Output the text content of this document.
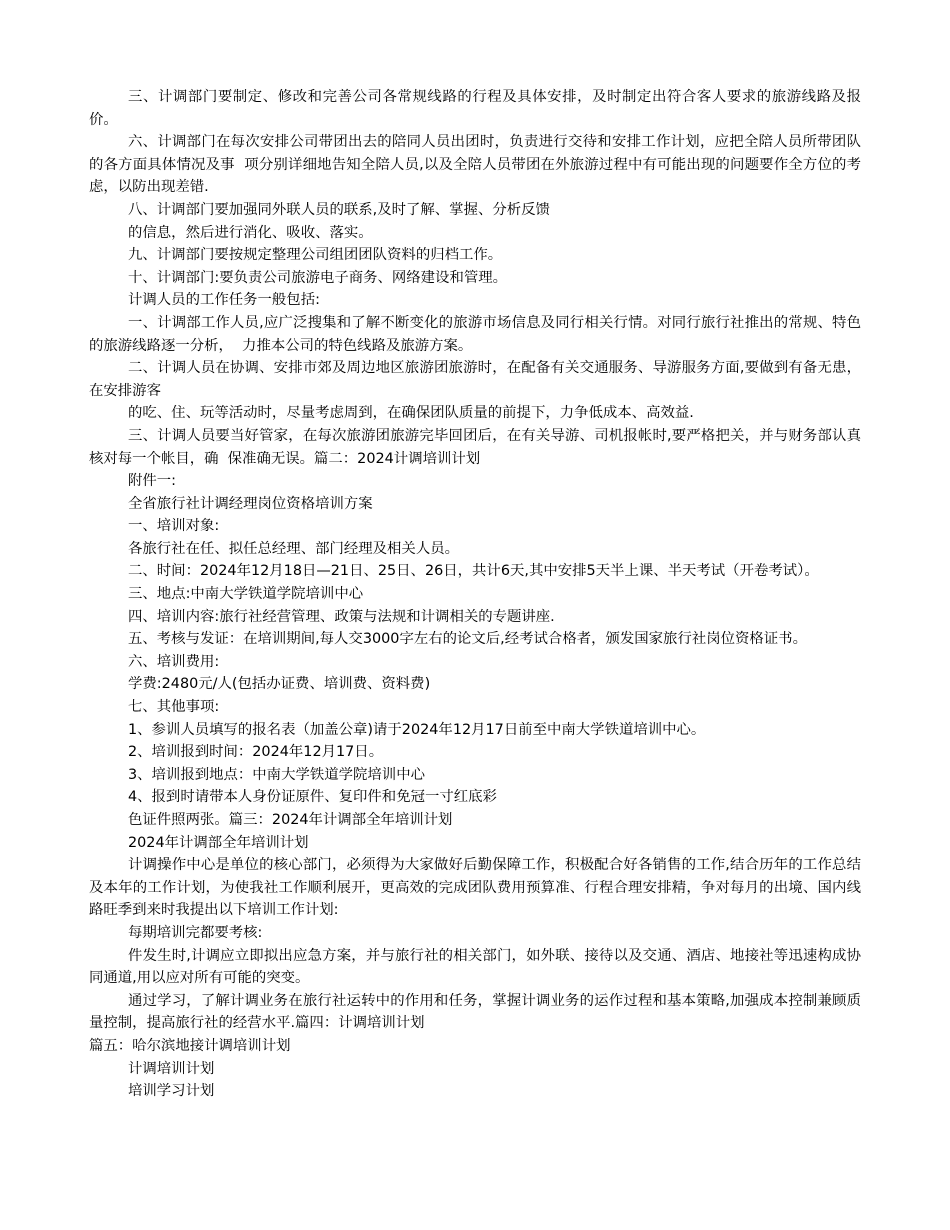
三、计调部门要制定、修改和完善公司各常规线路的行程及具体安排，及时制定出符合客人要求的旅游线路及报价。

六、计调部门在每次安排公司带团出去的陪同人员出团时，负责进行交待和安排工作计划，应把全陪人员所带团队的各方面具体情况及事  项分别详细地告知全陪人员,以及全陪人员带团在外旅游过程中有可能出现的问题要作全方位的考虑，以防出现差错.

八、计调部门要加强同外联人员的联系,及时了解、掌握、分析反馈

的信息，然后进行消化、吸收、落实。

九、计调部门要按规定整理公司组团团队资料的归档工作。

十、计调部门:要负责公司旅游电子商务、网络建设和管理。

计调人员的工作任务一般包括:

一、计调部工作人员,应广泛搜集和了解不断变化的旅游市场信息及同行相关行情。对同行旅行社推出的常规、特色的旅游线路逐一分析，  力推本公司的特色线路及旅游方案。

二、计调人员在协调、安排市郊及周边地区旅游团旅游时，在配备有关交通服务、导游服务方面,要做到有备无患，在安排游客

的吃、住、玩等活动时，尽量考虑周到，在确保团队质量的前提下，力争低成本、高效益.

三、计调人员要当好管家，在每次旅游团旅游完毕回团后，在有关导游、司机报帐时,要严格把关，并与财务部认真核对每一个帐目，确  保准确无误。篇二：2024计调培训计划

附件一:

全省旅行社计调经理岗位资格培训方案

一、培训对象:

各旅行社在任、拟任总经理、部门经理及相关人员。

二、时间：2024年12月18日—21日、25日、26日，共计6天,其中安排5天半上课、半天考试（开卷考试）。

三、地点:中南大学铁道学院培训中心

四、培训内容:旅行社经营管理、政策与法规和计调相关的专题讲座.

五、考核与发证：在培训期间,每人交3000字左右的论文后,经考试合格者，颁发国家旅行社岗位资格证书。

六、培训费用:

学费:2480元/人(包括办证费、培训费、资料费)

七、其他事项:

1、参训人员填写的报名表（加盖公章)请于2024年12月17日前至中南大学铁道培训中心。

2、培训报到时间：2024年12月17日。

3、培训报到地点：中南大学铁道学院培训中心

4、报到时请带本人身份证原件、复印件和免冠一寸红底彩

色证件照两张。篇三：2024年计调部全年培训计划

2024年计调部全年培训计划

计调操作中心是单位的核心部门，必须得为大家做好后勤保障工作，积极配合好各销售的工作,结合历年的工作总结及本年的工作计划，为使我社工作顺利展开，更高效的完成团队费用预算准、行程合理安排精，争对每月的出境、国内线路旺季到来时我提出以下培训工作计划:

每期培训完都要考核:

件发生时,计调应立即拟出应急方案，并与旅行社的相关部门，如外联、接待以及交通、酒店、地接社等迅速构成协同通道,用以应对所有可能的突变。

通过学习，了解计调业务在旅行社运转中的作用和任务，掌握计调业务的运作过程和基本策略,加强成本控制兼顾质量控制，提高旅行社的经营水平.篇四：计调培训计划

篇五：哈尔滨地接计调培训计划

计调培训计划

培训学习计划
